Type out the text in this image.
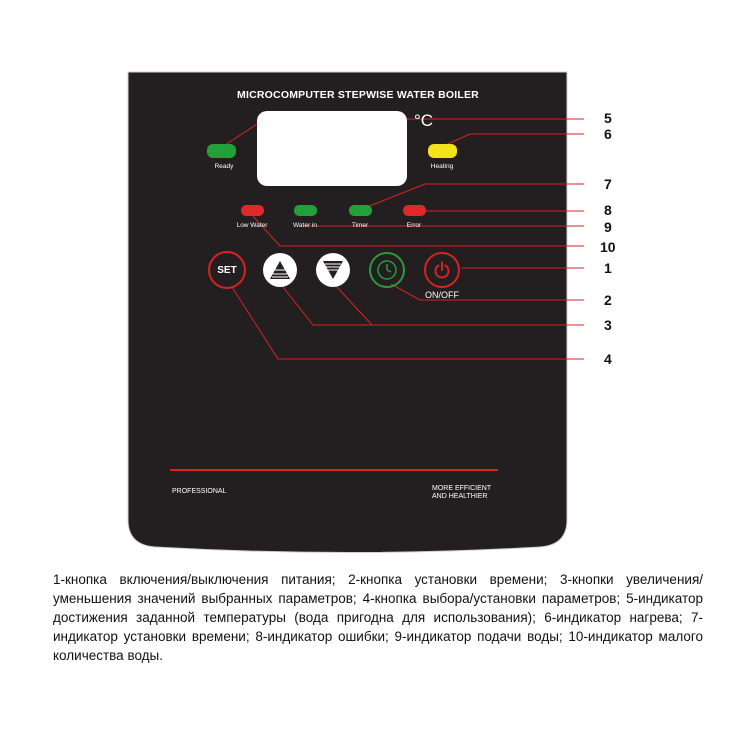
MICROCOMPUTER STEPWISE WATER BOILER
°C
Ready	Heating
Low Water	Water in	Timer	Error
SET
ON/OFF
PROFESSIONAL	MORE EFFICIENT
AND HEALTHIER
5
6
7
8
9
10
1
2
3
4
1-кнопка включения/выключения питания; 2-кнопка установки времени; 3-кнопки увеличения/уменьшения значений выбранных параметров; 4-кнопка выбора/установки параметров; 5-индикатор достижения заданной температуры (вода пригодна для использования); 6-индикатор нагрева; 7-индикатор установки времени; 8-индикатор ошибки; 9-индикатор подачи воды; 10-индикатор малого количества воды.
